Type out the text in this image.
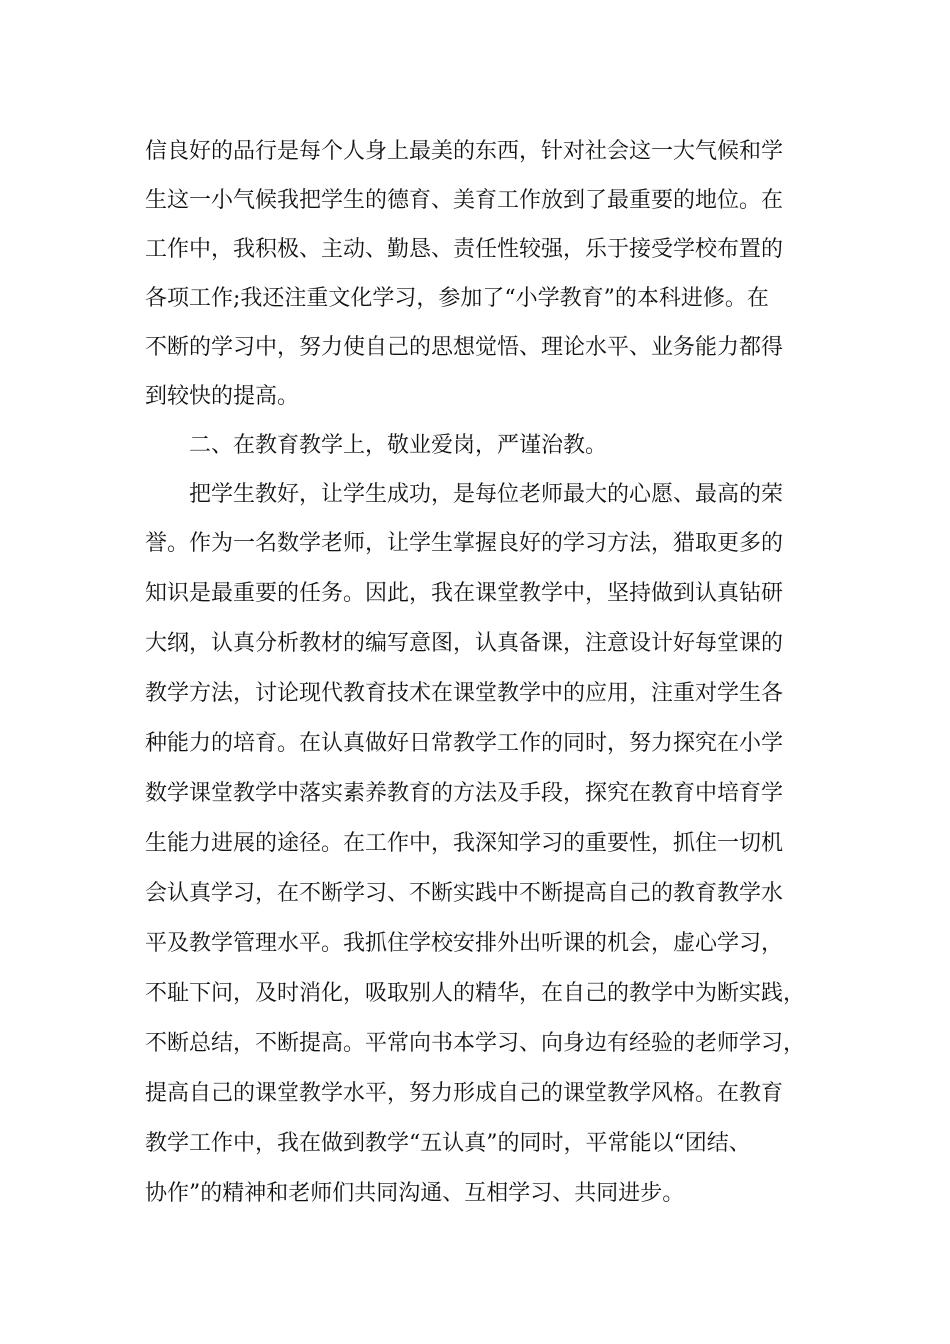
信良好的品行是每个人身上最美的东西，针对社会这一大气候和学
生这一小气候我把学生的德育、美育工作放到了最重要的地位。在
工作中，我积极、主动、勤恳、责任性较强，乐于接受学校布置的
各项工作;我还注重文化学习，参加了“小学教育”的本科进修。在
不断的学习中，努力使自己的思想觉悟、理论水平、业务能力都得
到较快的提高。
二、在教育教学上，敬业爱岗，严谨治教。
把学生教好，让学生成功，是每位老师最大的心愿、最高的荣
誉。作为一名数学老师，让学生掌握良好的学习方法，猎取更多的
知识是最重要的任务。因此，我在课堂教学中，坚持做到认真钻研
大纲，认真分析教材的编写意图，认真备课，注意设计好每堂课的
教学方法，讨论现代教育技术在课堂教学中的应用，注重对学生各
种能力的培育。在认真做好日常教学工作的同时，努力探究在小学
数学课堂教学中落实素养教育的方法及手段，探究在教育中培育学
生能力进展的途径。在工作中，我深知学习的重要性，抓住一切机
会认真学习，在不断学习、不断实践中不断提高自己的教育教学水
平及教学管理水平。我抓住学校安排外出听课的机会，虚心学习，
不耻下问，及时消化，吸取别人的精华，在自己的教学中为断实践，
不断总结，不断提高。平常向书本学习、向身边有经验的老师学习，
提高自己的课堂教学水平，努力形成自己的课堂教学风格。在教育
教学工作中，我在做到教学“五认真”的同时，平常能以“团结、
协作”的精神和老师们共同沟通、互相学习、共同进步。
